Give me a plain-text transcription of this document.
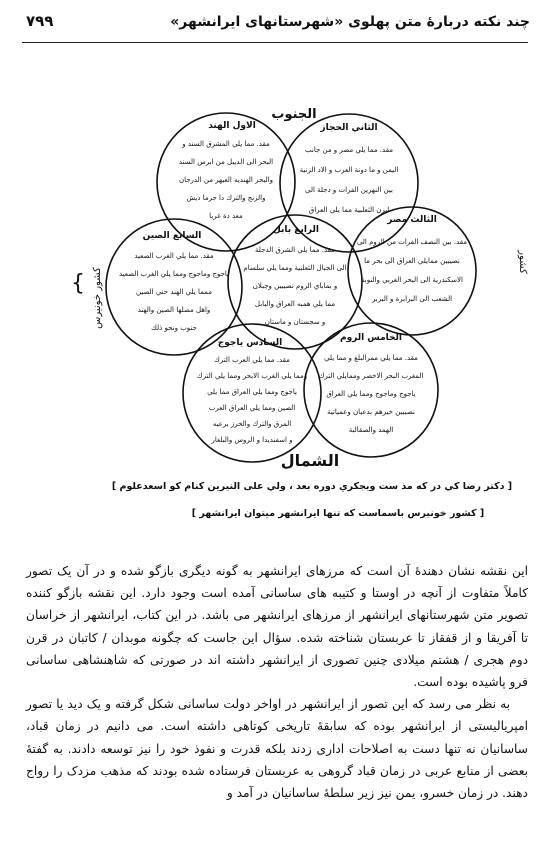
چند نکته دربارهٔ متن پهلوی «شهرستانهای ایرانشهر»
۷۹۹
الجنوب
الشمال
کشور
كشور خونیرس
{
الاول الهند
مقد. مما يلي المشرق السند و
البحر الی الدیبل من ابرس السند
والبحر الهندیه الغیهر من الدرجان
والزنج والترك دا حرما دیش
معد دة غربا
الثاني الحجاز
مقد. مما يلي مصر و من جانب
اليمن و ما دونة العرب و الاد الزنية
بين النهرين الفرات و دجلة الى
ابرن الثعلبية مما يلي العراق
الثالث مصر
مقد. بین النصف الفرات من الروم الی
نصيبين ممايلي العراق الى بحر ما
الاسكندرية الى البحر الغربي والنوبة
الشعب الى البرابرة و البربر
الرابع بابل
مقد. مما يلي الشرق الدجلة
الى الجبال الثعلبية ومما يلي سلسام
و بماباي الروم نصيبين وجبلان
مما يلي همبه العراق والبابل
و سجستان و ماستان
الخامس الروم
مقد. مما يلي ممرالبلغ و مما يلي
المغرب البحر الاخضر وممايلي الترك
ياجوج وماجوج ومما يلي العراق
نصيبين خيرهم بدعبان وعمياتية
الهمد والصقالبة
السادس ياجوج
مقد. مما يلي العرب الترك
ومما يلي الغرب الابحر ومما يلي الترك
ياجوج ومما يلي العراق مما يلي
الصين ومما يلي العراق العرب
المرق والترك والخرز برعيه
و اسفنديدا و الروس والبلغار
السابع الصين
مقد. مما يلي الغرب الصعيد
ياجوج وماجوج ومما يلي الغرب الصعيد
ممما يلي الهند حني الصين
واهل مصلها الصين والهند
جنوب ونحو ذلك
[ دكتر رضا كي در كه مذ ست ويجكري دوره بعد ، ولي على النيرين كنام كو اسعدعلوم ]
[ كشور خونیرس باسماست كه تنها ایرانشهر میتوان ایرانشهر ]

این نقشه نشان دهندهٔ آن است که مرزهای ایرانشهر به گونه دیگری بازگو شده و در آن یک تصور کاملاً متفاوت از آنچه در اوستا و کتیبه های ساسانی آمده است وجود دارد. این نقشه بازگو کننده تصویر متن شهرستانهای ایرانشهر از مرزهای ایرانشهر می باشد. در این کتاب، ایرانشهر از خراسان تا آفریقا و از قفقاز تا عربستان شناخته شده. سؤال این جاست که چگونه موبدان / کاتبان در قرن دوم هجری / هشتم میلادی چنین تصوری از ایرانشهر داشته اند در صورتی که شاهنشاهی ساسانی فرو پاشیده بوده است.

به نظر می رسد که این تصور از ایرانشهر در اواخر دولت ساسانی شکل گرفته و یک دید یا تصور امپریالیستی از ایرانشهر بوده که سابقهٔ تاریخی کوتاهی داشته است. می دانیم در زمان قباد، ساسانیان نه تنها دست به اصلاحات اداری زدند بلکه قدرت و نفوذ خود را نیز توسعه دادند. به گفتهٔ بعضی از منابع عربی در زمان قباد گروهی به عربستان فرستاده شده بودند که مذهب مزدک را رواج دهند. در زمان خسرو، یمن نیز زیر سلطهٔ ساسانیان در آمد و
